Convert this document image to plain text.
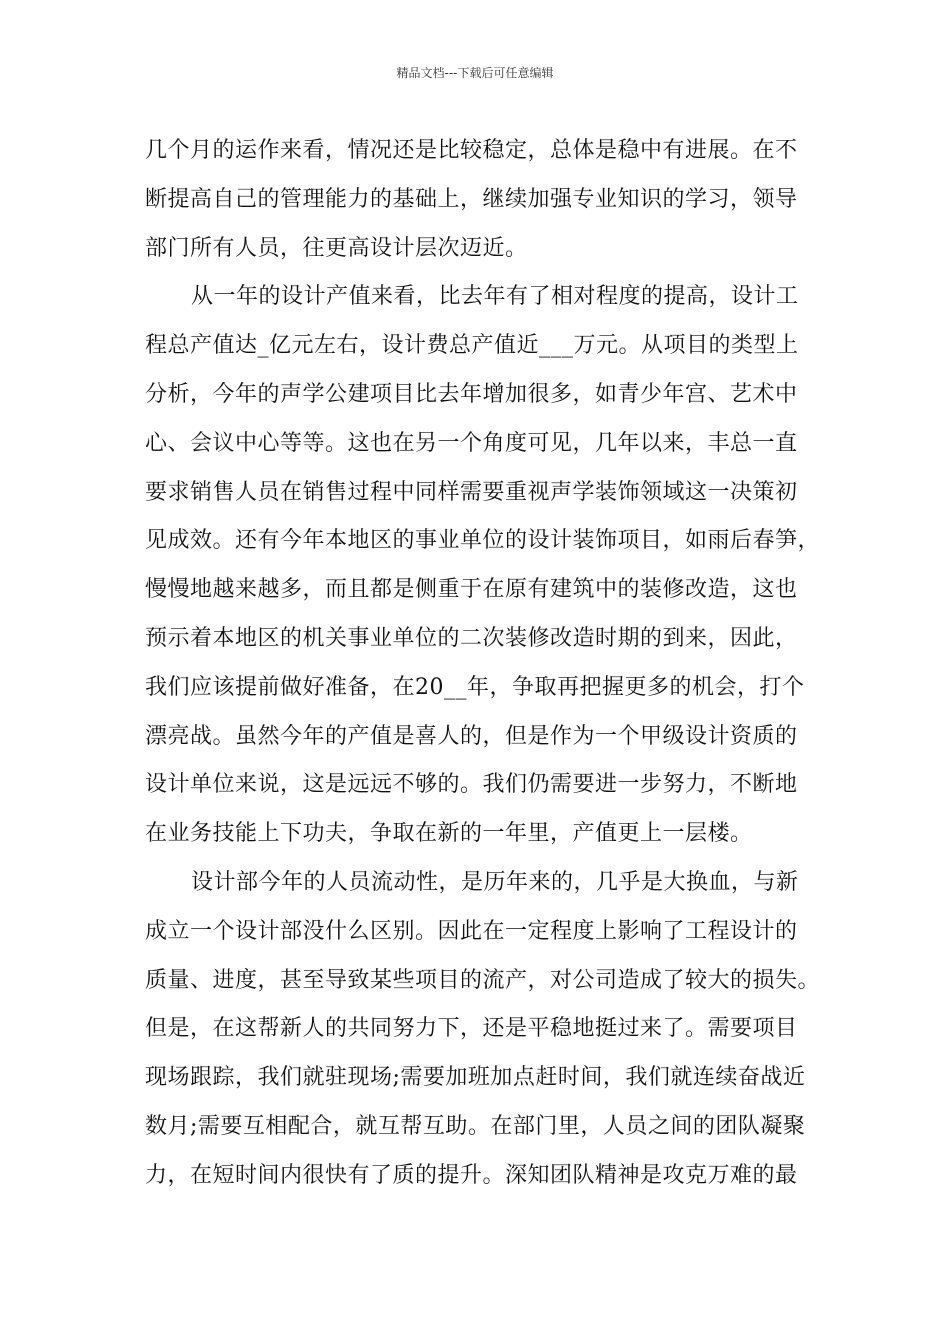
精品文档---下载后可任意编辑
几个月的运作来看，情况还是比较稳定，总体是稳中有进展。在不
断提高自己的管理能力的基础上，继续加强专业知识的学习，领导
部门所有人员，往更高设计层次迈近。
从一年的设计产值来看，比去年有了相对程度的提高，设计工
程总产值达_亿元左右，设计费总产值近___万元。从项目的类型上
分析，今年的声学公建项目比去年增加很多，如青少年宫、艺术中
心、会议中心等等。这也在另一个角度可见，几年以来，丰总一直
要求销售人员在销售过程中同样需要重视声学装饰领域这一决策初
见成效。还有今年本地区的事业单位的设计装饰项目，如雨后春笋，
慢慢地越来越多，而且都是侧重于在原有建筑中的装修改造，这也
预示着本地区的机关事业单位的二次装修改造时期的到来，因此，
我们应该提前做好准备，在20__年，争取再把握更多的机会，打个
漂亮战。虽然今年的产值是喜人的，但是作为一个甲级设计资质的
设计单位来说，这是远远不够的。我们仍需要进一步努力，不断地
在业务技能上下功夫，争取在新的一年里，产值更上一层楼。
设计部今年的人员流动性，是历年来的，几乎是大换血，与新
成立一个设计部没什么区别。因此在一定程度上影响了工程设计的
质量、进度，甚至导致某些项目的流产，对公司造成了较大的损失。
但是，在这帮新人的共同努力下，还是平稳地挺过来了。需要项目
现场跟踪，我们就驻现场;需要加班加点赶时间，我们就连续奋战近
数月;需要互相配合，就互帮互助。在部门里，人员之间的团队凝聚
力，在短时间内很快有了质的提升。深知团队精神是攻克万难的最
